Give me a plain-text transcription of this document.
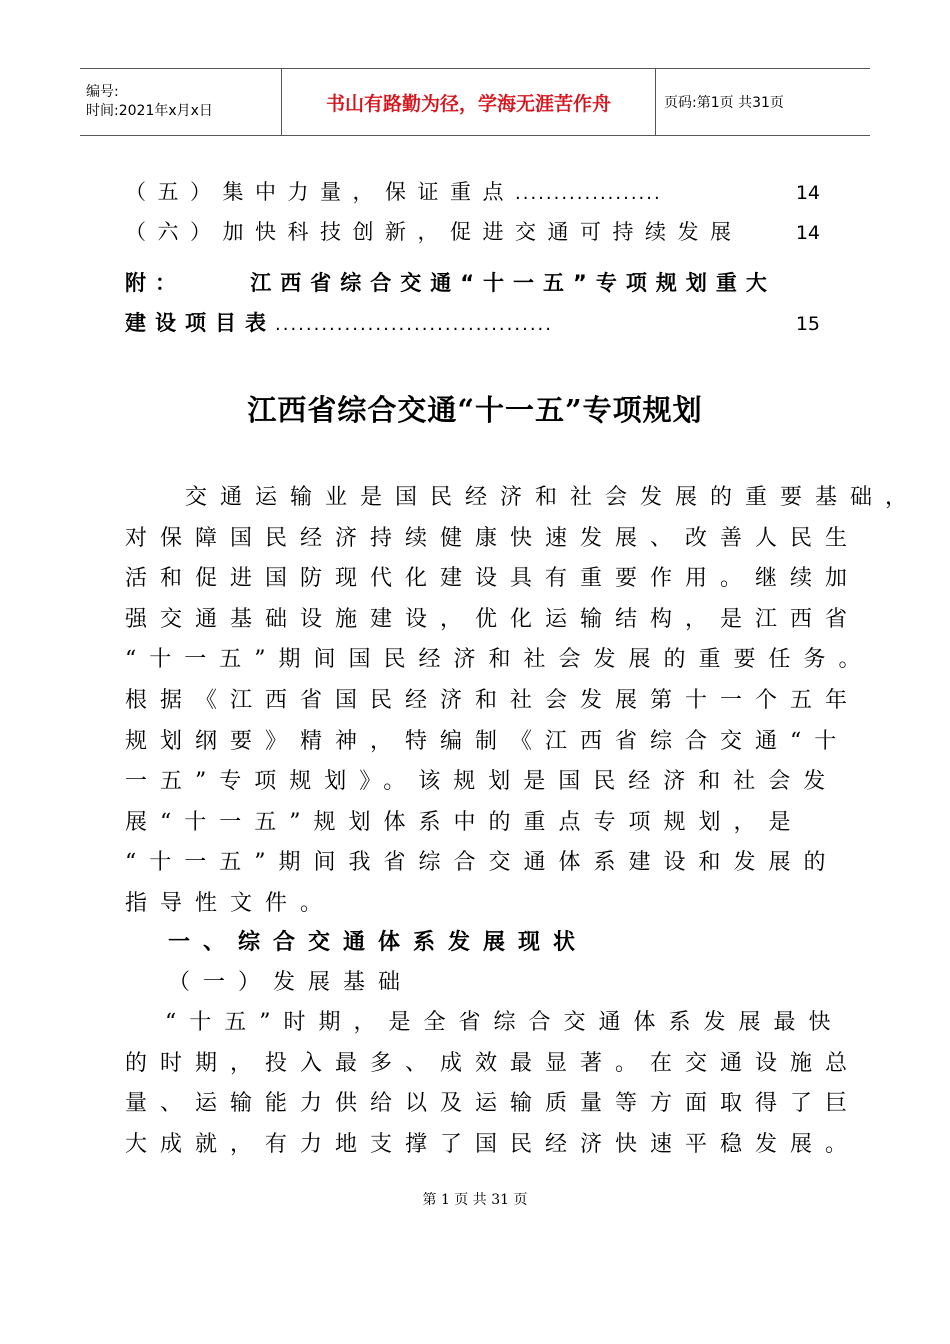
编号:
时间:2021年x月x日	书山有路勤为径，学海无涯苦作舟	页码:第1页 共31页
（五）集中力量，保证重点 ...................	14
（六）加快科技创新，促进交通可持续发展	14
附：    江西省综合交通“十一五”专项规划重大
建设项目表 ....................................	15
江西省综合交通“十一五”专项规划
交通运输业是国民经济和社会发展的重要基础，
对保障国民经济持续健康快速发展、改善人民生
活和促进国防现代化建设具有重要作用。继续加
强交通基础设施建设，优化运输结构，是江西省
“十一五”期间国民经济和社会发展的重要任务。
根据《江西省国民经济和社会发展第十一个五年
规划纲要》精神，特编制《江西省综合交通“十
一五”专项规划》。该规划是国民经济和社会发
展“十一五”规划体系中的重点专项规划，是
“十一五”期间我省综合交通体系建设和发展的
指导性文件。
一、综合交通体系发展现状
（一）发展基础
“十五”时期，是全省综合交通体系发展最快
的时期，投入最多、成效最显著。在交通设施总
量、运输能力供给以及运输质量等方面取得了巨
大成就，有力地支撑了国民经济快速平稳发展。
第 1 页 共 31 页
